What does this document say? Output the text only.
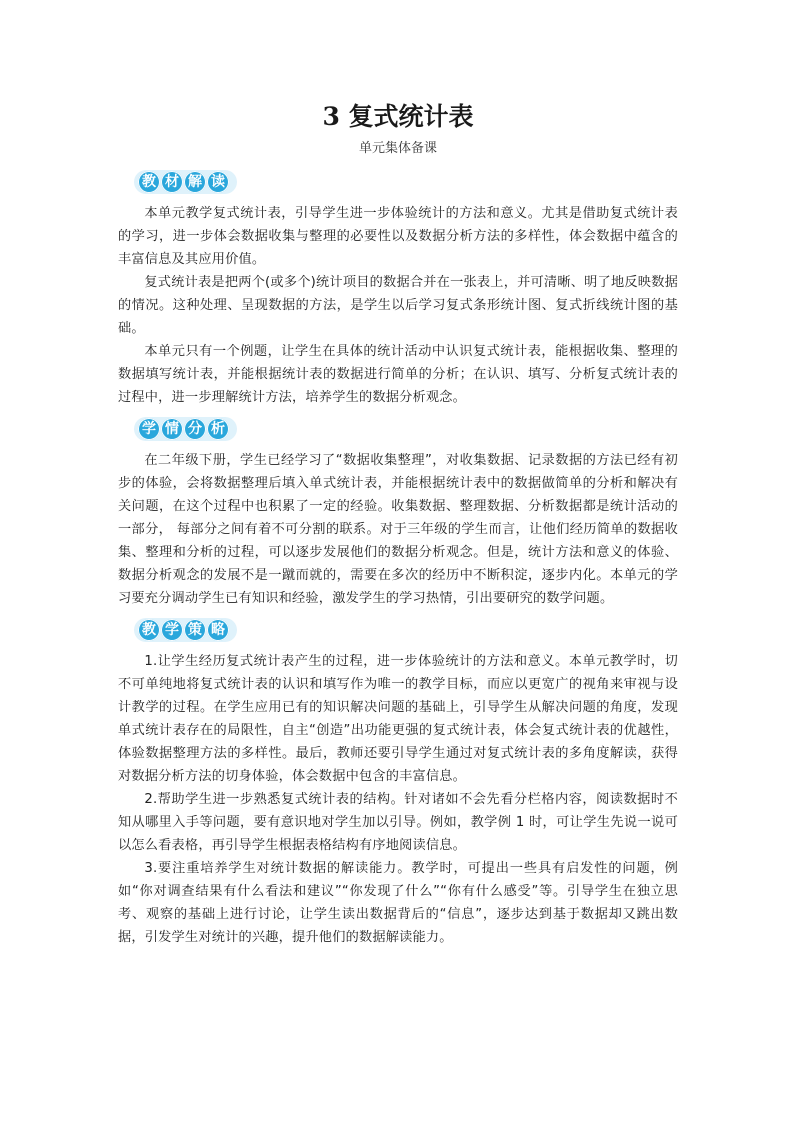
3 复式统计表
单元集体备课
教 材 解 读

本单元教学复式统计表，引导学生进一步体验统计的方法和意义。尤其是借助复式统计表的学习，进一步体会数据收集与整理的必要性以及数据分析方法的多样性，体会数据中蕴含的丰富信息及其应用价值。

复式统计表是把两个(或多个)统计项目的数据合并在一张表上，并可清晰、明了地反映数据的情况。这种处理、呈现数据的方法，是学生以后学习复式条形统计图、复式折线统计图的基础。

本单元只有一个例题，让学生在具体的统计活动中认识复式统计表，能根据收集、整理的数据填写统计表，并能根据统计表的数据进行简单的分析；在认识、填写、分析复式统计表的过程中，进一步理解统计方法，培养学生的数据分析观念。

学 情 分 析

在二年级下册，学生已经学习了“数据收集整理”，对收集数据、记录数据的方法已经有初步的体验，会将数据整理后填入单式统计表，并能根据统计表中的数据做简单的分析和解决有关问题，在这个过程中也积累了一定的经验。收集数据、整理数据、分析数据都是统计活动的一部分， 每部分之间有着不可分割的联系。对于三年级的学生而言，让他们经历简单的数据收集、整理和分析的过程，可以逐步发展他们的数据分析观念。但是，统计方法和意义的体验、数据分析观念的发展不是一蹴而就的，需要在多次的经历中不断积淀，逐步内化。本单元的学习要充分调动学生已有知识和经验，激发学生的学习热情，引出要研究的数学问题。

教 学 策 略

1.让学生经历复式统计表产生的过程，进一步体验统计的方法和意义。本单元教学时，切不可单纯地将复式统计表的认识和填写作为唯一的教学目标，而应以更宽广的视角来审视与设计教学的过程。在学生应用已有的知识解决问题的基础上，引导学生从解决问题的角度，发现单式统计表存在的局限性，自主“创造”出功能更强的复式统计表，体会复式统计表的优越性，体验数据整理方法的多样性。最后，教师还要引导学生通过对复式统计表的多角度解读，获得对数据分析方法的切身体验，体会数据中包含的丰富信息。

2.帮助学生进一步熟悉复式统计表的结构。针对诸如不会先看分栏格内容，阅读数据时不知从哪里入手等问题，要有意识地对学生加以引导。例如，教学例 1 时，可让学生先说一说可以怎么看表格，再引导学生根据表格结构有序地阅读信息。

3.要注重培养学生对统计数据的解读能力。教学时，可提出一些具有启发性的问题，例如“你对调查结果有什么看法和建议”“你发现了什么”“你有什么感受”等。引导学生在独立思考、观察的基础上进行讨论，让学生读出数据背后的“信息”，逐步达到基于数据却又跳出数据，引发学生对统计的兴趣，提升他们的数据解读能力。
